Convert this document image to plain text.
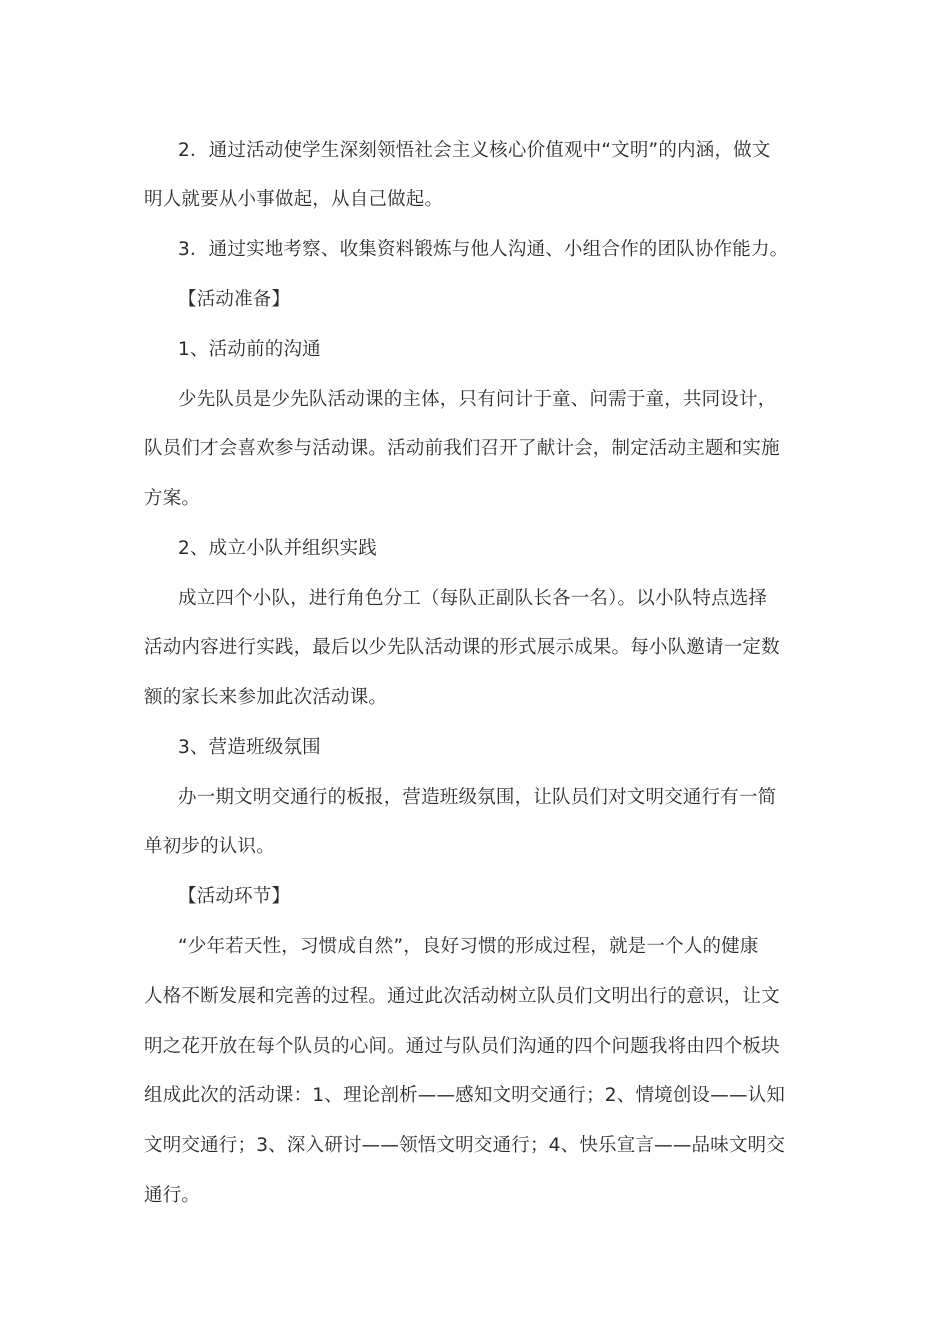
2．通过活动使学生深刻领悟社会主义核心价值观中“文明”的内涵，做文
明人就要从小事做起，从自己做起。
3．通过实地考察、收集资料锻炼与他人沟通、小组合作的团队协作能力。
【活动准备】
1、活动前的沟通
少先队员是少先队活动课的主体，只有问计于童、问需于童，共同设计，
队员们才会喜欢参与活动课。活动前我们召开了献计会，制定活动主题和实施
方案。
2、成立小队并组织实践
成立四个小队，进行角色分工（每队正副队长各一名）。以小队特点选择
活动内容进行实践，最后以少先队活动课的形式展示成果。每小队邀请一定数
额的家长来参加此次活动课。
3、营造班级氛围
办一期文明交通行的板报，营造班级氛围，让队员们对文明交通行有一简
单初步的认识。
【活动环节】
“少年若天性，习惯成自然”，良好习惯的形成过程，就是一个人的健康
人格不断发展和完善的过程。通过此次活动树立队员们文明出行的意识，让文
明之花开放在每个队员的心间。通过与队员们沟通的四个问题我将由四个板块
组成此次的活动课：1、理论剖析——感知文明交通行；2、情境创设——认知
文明交通行；3、深入研讨——领悟文明交通行；4、快乐宣言——品味文明交
通行。
